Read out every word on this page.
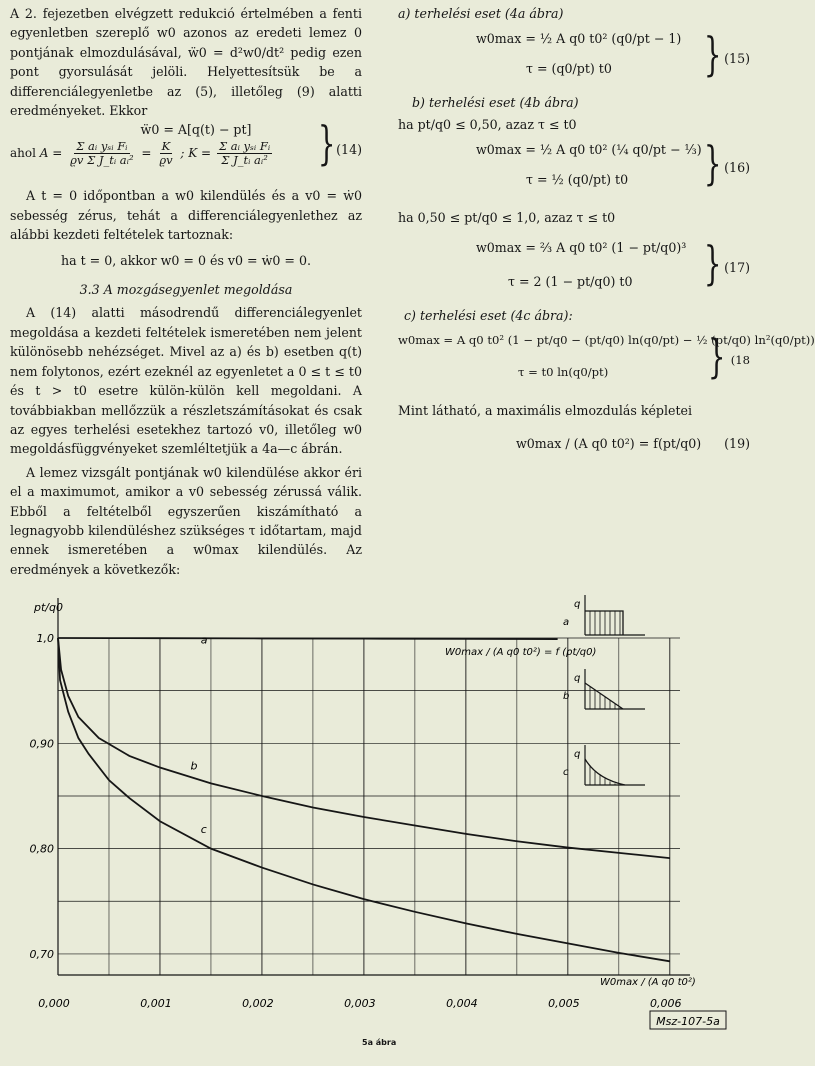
A 2. fejezetben elvégzett redukció értelmében a fenti egyenletben szereplő w0 azonos az eredeti lemez 0 pontjának elmozdulásával, ẅ0 = d²w0/dt² pedig ezen pont gyorsulását jelöli. Helyettesítsük be a differenciálegyenletbe az (5), illetőleg (9) alatti eredményeket. Ekkor

ẅ0 = A[q(t) − pt]
ahol $A = \frac{\text{Σ aᵢ yₛᵢ Fᵢ}}{\text{ϱv Σ J\_tᵢ aᵢ²}} = \frac{K}{ϱv}$ ; $K = \frac{\text{Σ aᵢ yₛᵢ Fᵢ}}{\text{Σ J\_tᵢ aᵢ²}}$ } (14)

A t = 0 időpontban a w0 kilendülés és a v0 = ẇ0 sebesség zérus, tehát a differenciálegyenlethez az alábbi kezdeti feltételek tartoznak:

ha t = 0, akkor w0 = 0 és v0 = ẇ0 = 0.

3.3 A mozgásegyenlet megoldása

A (14) alatti másodrendű differenciálegyenlet megoldása a kezdeti feltételek ismeretében nem jelent különösebb nehézséget. Mivel az a) és b) esetben q(t) nem folytonos, ezért ezeknél az egyenletet a 0 ≤ t ≤ t0 és t > t0 esetre külön-külön kell megoldani. A továbbiakban mellőzzük a részletszámításokat és csak az egyes terhelési esetekhez tartozó v0, illetőleg w0 megoldásfüggvényeket szemléltetjük a 4a—c ábrán.

A lemez vizsgált pontjának w0 kilendülése akkor éri el a maximumot, amikor a v0 sebesség zérussá válik. Ebből a feltételből egyszerűen kiszámítható a legnagyobb kilendüléshez szükséges τ időtartam, majd ennek ismeretében a w0max kilendülés. Az eredmények a következők:

a) terhelési eset (4a ábra)
w0max = ½ A q0 t0² (q0/pt − 1)
τ = (q0/pt) t0 } (15)
b) terhelési eset (4b ábra)
ha pt/q0 ≤ 0,50, azaz τ ≤ t0
w0max = ½ A q0 t0² (¼ q0/pt − ⅓)
τ = ½ (q0/pt) t0 } (16)
ha 0,50 ≤ pt/q0 ≤ 1,0, azaz τ ≤ t0
w0max = ⅔ A q0 t0² (1 − pt/q0)³
τ = 2 (1 − pt/q0) t0 } (17)
c) terhelési eset (4c ábra):
w0max = A q0 t0² (1 − pt/q0 − (pt/q0) ln(q0/pt) − ½ (pt/q0) ln²(q0/pt))
τ = t0 ln(q0/pt) } (18
Mint látható, a maximális elmozdulás képletei
w0max / (A q0 t0²) = f(pt/q0) (19)
a
b
c
0,000	0,001	0,002	0,003	0,004	0,005	0,006
1,0
0,90
0,80
0,70
q
a
q
b
q
c
pt/q0
W0max / (A q0 t0²) = f (pt/q0)
W0max / (A q0 t0²)
Msz-107-5a
5a ábra
